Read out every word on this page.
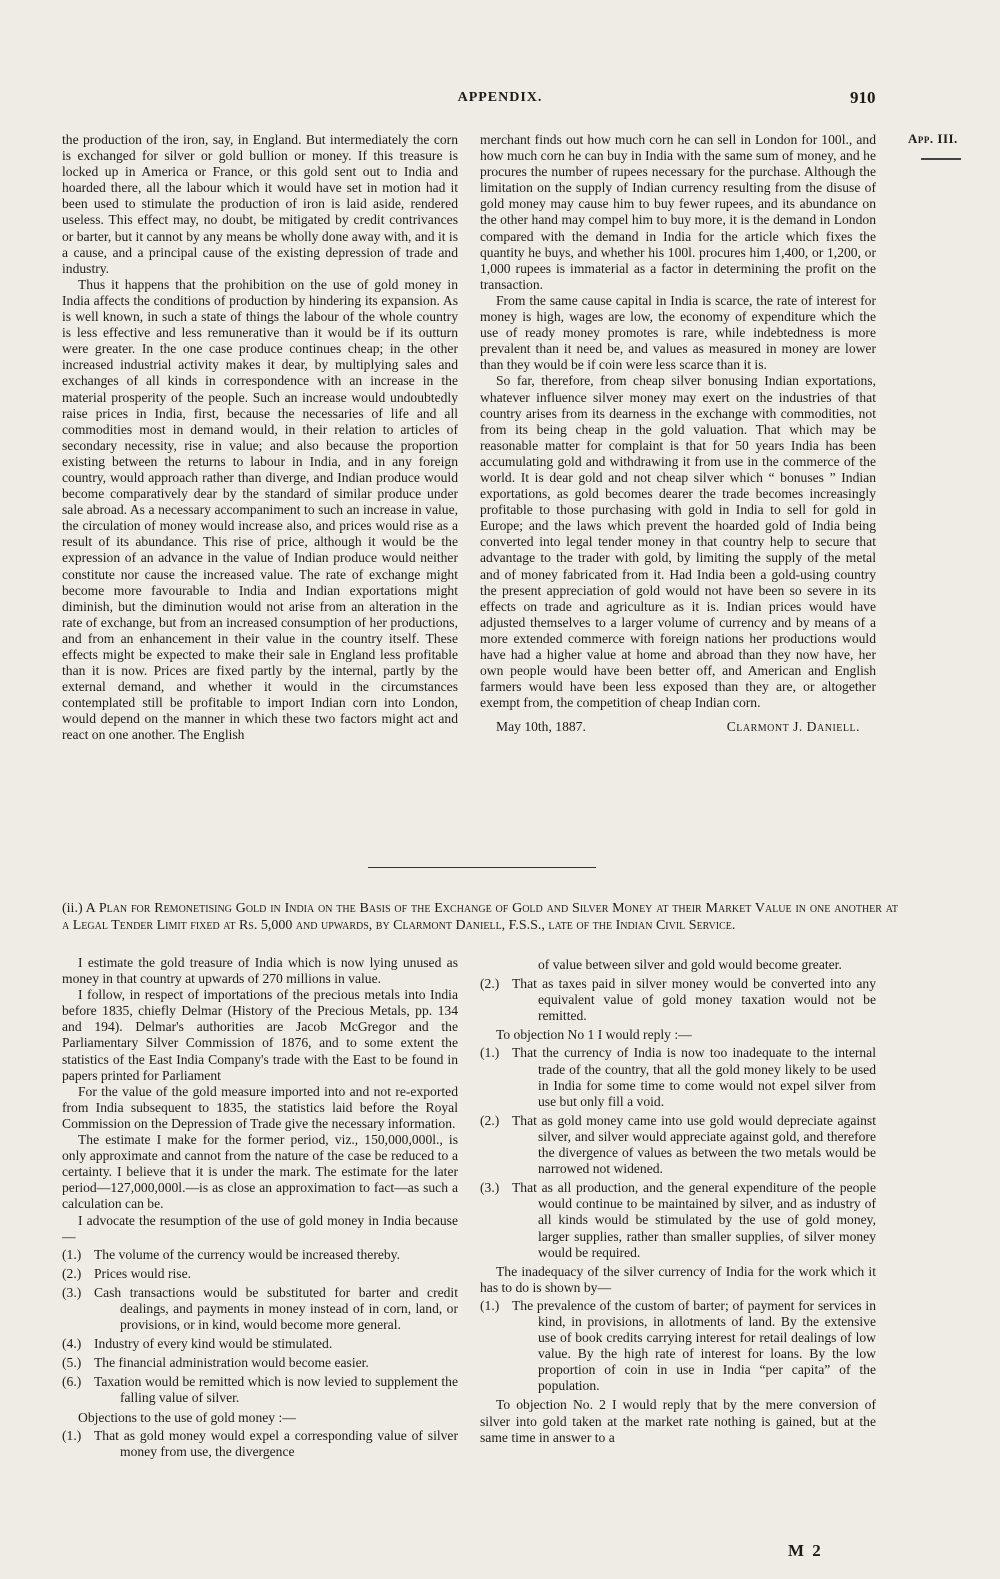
APPENDIX.	910
App. III.

the production of the iron, say, in England. But intermediately the corn is exchanged for silver or gold bullion or money. If this treasure is locked up in America or France, or this gold sent out to India and hoarded there, all the labour which it would have set in motion had it been used to stimulate the production of iron is laid aside, rendered useless. This effect may, no doubt, be mitigated by credit contrivances or barter, but it cannot by any means be wholly done away with, and it is a cause, and a principal cause of the existing depression of trade and industry.

Thus it happens that the prohibition on the use of gold money in India affects the conditions of production by hindering its expansion. As is well known, in such a state of things the labour of the whole country is less effective and less remunerative than it would be if its outturn were greater. In the one case produce continues cheap; in the other increased industrial activity makes it dear, by multiplying sales and exchanges of all kinds in correspondence with an increase in the material prosperity of the people. Such an increase would undoubtedly raise prices in India, first, because the necessaries of life and all commodities most in demand would, in their relation to articles of secondary necessity, rise in value; and also because the proportion existing between the returns to labour in India, and in any foreign country, would approach rather than diverge, and Indian produce would become comparatively dear by the standard of similar produce under sale abroad. As a necessary accompaniment to such an increase in value, the circulation of money would increase also, and prices would rise as a result of its abundance. This rise of price, although it would be the expression of an advance in the value of Indian produce would neither constitute nor cause the increased value. The rate of exchange might become more favourable to India and Indian exportations might diminish, but the diminution would not arise from an alteration in the rate of exchange, but from an increased consumption of her productions, and from an enhancement in their value in the country itself. These effects might be expected to make their sale in England less profitable than it is now. Prices are fixed partly by the internal, partly by the external demand, and whether it would in the circumstances contemplated still be profitable to import Indian corn into London, would depend on the manner in which these two factors might act and react on one another. The English

merchant finds out how much corn he can sell in London for 100l., and how much corn he can buy in India with the same sum of money, and he procures the number of rupees necessary for the purchase. Although the limitation on the supply of Indian currency resulting from the disuse of gold money may cause him to buy fewer rupees, and its abundance on the other hand may compel him to buy more, it is the demand in London compared with the demand in India for the article which fixes the quantity he buys, and whether his 100l. procures him 1,400, or 1,200, or 1,000 rupees is immaterial as a factor in determining the profit on the transaction.

From the same cause capital in India is scarce, the rate of interest for money is high, wages are low, the economy of expenditure which the use of ready money promotes is rare, while indebtedness is more prevalent than it need be, and values as measured in money are lower than they would be if coin were less scarce than it is.

So far, therefore, from cheap silver bonusing Indian exportations, whatever influence silver money may exert on the industries of that country arises from its dearness in the exchange with commodities, not from its being cheap in the gold valuation. That which may be reasonable matter for complaint is that for 50 years India has been accumulating gold and withdrawing it from use in the commerce of the world. It is dear gold and not cheap silver which “ bonuses ” Indian exportations, as gold becomes dearer the trade becomes increasingly profitable to those purchasing with gold in India to sell for gold in Europe; and the laws which prevent the hoarded gold of India being converted into legal tender money in that country help to secure that advantage to the trader with gold, by limiting the supply of the metal and of money fabricated from it. Had India been a gold-using country the present appreciation of gold would not have been so severe in its effects on trade and agriculture as it is. Indian prices would have adjusted themselves to a larger volume of currency and by means of a more extended commerce with foreign nations her productions would have had a higher value at home and abroad than they now have, her own people would have been better off, and American and English farmers would have been less exposed than they are, or altogether exempt from, the competition of cheap Indian corn.

May 10th, 1887.	Clarmont J. Daniell.
(ii.) A Plan for Remonetising Gold in India on the Basis of the Exchange of Gold and Silver Money at their Market Value in one another at a Legal Tender Limit fixed at Rs. 5,000 and upwards, by Clarmont Daniell, F.S.S., late of the Indian Civil Service.

I estimate the gold treasure of India which is now lying unused as money in that country at upwards of 270 millions in value.

I follow, in respect of importations of the precious metals into India before 1835, chiefly Delmar (History of the Precious Metals, pp. 134 and 194). Delmar's authorities are Jacob McGregor and the Parliamentary Silver Commission of 1876, and to some extent the statistics of the East India Company's trade with the East to be found in papers printed for Parliament

For the value of the gold measure imported into and not re-exported from India subsequent to 1835, the statistics laid before the Royal Commission on the Depression of Trade give the necessary information.

The estimate I make for the former period, viz., 150,000,000l., is only approximate and cannot from the nature of the case be reduced to a certainty. I believe that it is under the mark. The estimate for the later period—127,000,000l.—is as close an approximation to fact—as such a calculation can be.

I advocate the resumption of the use of gold money in India because—

(1.) The volume of the currency would be increased thereby.
(2.) Prices would rise.
(3.) Cash transactions would be substituted for barter and credit dealings, and payments in money instead of in corn, land, or provisions, or in kind, would become more general.
(4.) Industry of every kind would be stimulated.
(5.) The financial administration would become easier.
(6.) Taxation would be remitted which is now levied to supplement the falling value of silver.

Objections to the use of gold money :—

(1.) That as gold money would expel a corresponding value of silver money from use, the divergence
of value between silver and gold would become greater.
(2.) That as taxes paid in silver money would be converted into any equivalent value of gold money taxation would not be remitted.

To objection No 1 I would reply :—

(1.) That the currency of India is now too inadequate to the internal trade of the country, that all the gold money likely to be used in India for some time to come would not expel silver from use but only fill a void.
(2.) That as gold money came into use gold would depreciate against silver, and silver would appreciate against gold, and therefore the divergence of values as between the two metals would be narrowed not widened.
(3.) That as all production, and the general expenditure of the people would continue to be maintained by silver, and as industry of all kinds would be stimulated by the use of gold money, larger supplies, rather than smaller supplies, of silver money would be required.

The inadequacy of the silver currency of India for the work which it has to do is shown by—

(1.) The prevalence of the custom of barter; of payment for services in kind, in provisions, in allotments of land. By the extensive use of book credits carrying interest for retail dealings of low value. By the high rate of interest for loans. By the low proportion of coin in use in India “per capita” of the population.

To objection No. 2 I would reply that by the mere conversion of silver into gold taken at the market rate nothing is gained, but at the same time in answer to a

M 2
